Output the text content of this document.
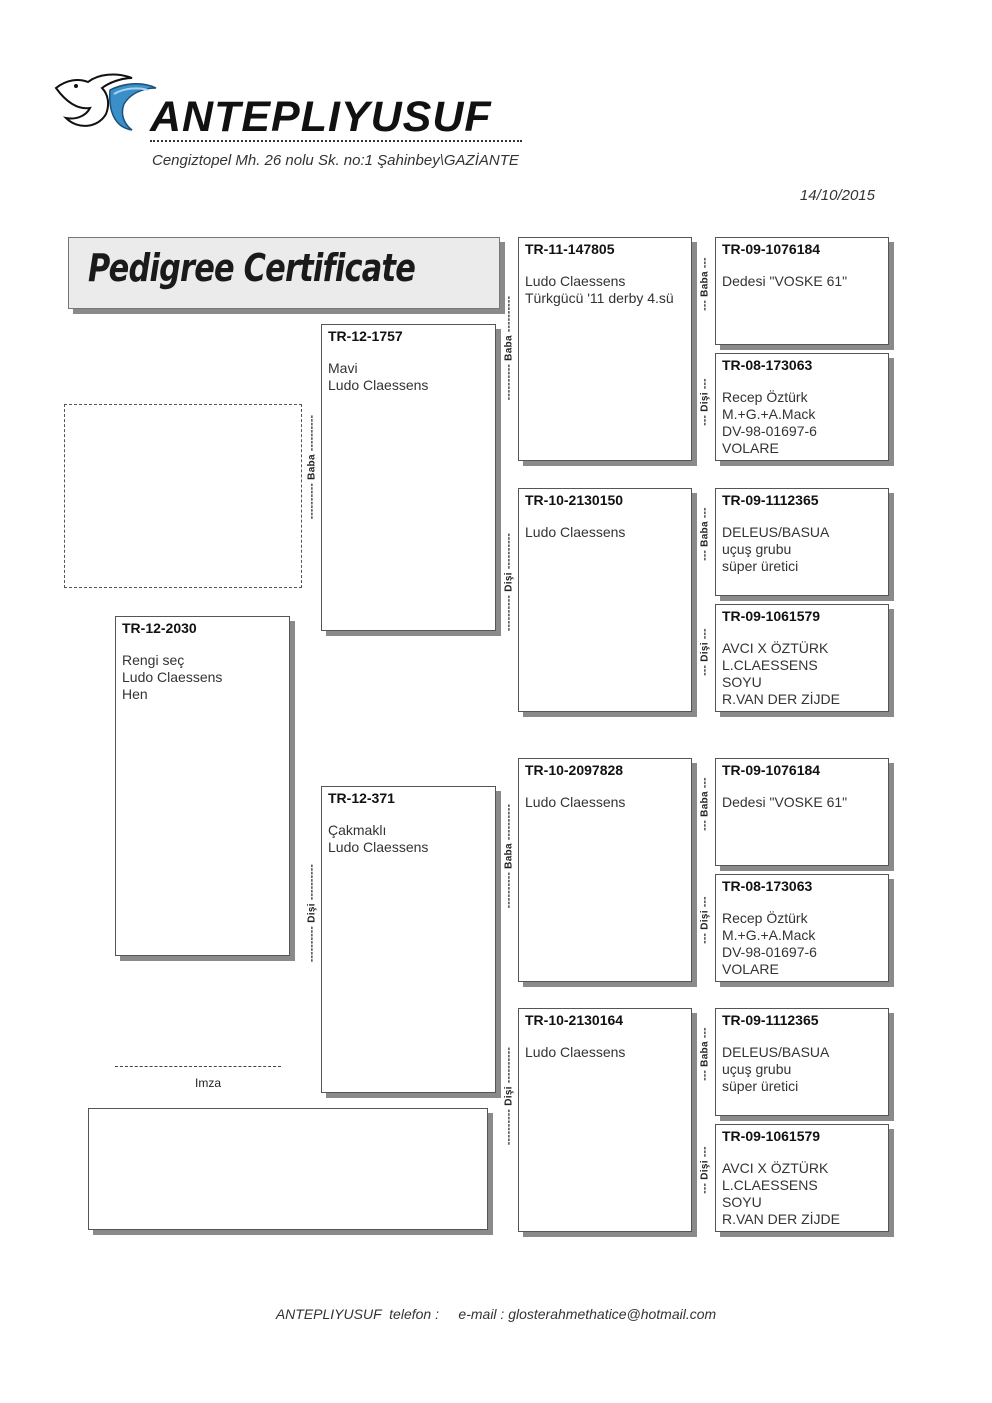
ANTEPLIYUSUF
Cengiztopel Mh. 26 nolu Sk. no:1 Şahinbey\GAZİANTE
14/10/2015
Pedigree Certificate
TR-12-2030
Rengi seç
Ludo Claessens
Hen
---------- Baba ----------
---------- Dişi ----------
TR-12-1757
Mavi
Ludo Claessens
TR-12-371
Çakmaklı
Ludo Claessens
---------- Baba ----------
---------- Dişi ----------
---------- Baba ----------
---------- Dişi ----------
TR-11-147805
Ludo Claessens
Türkgücü '11 derby 4.sü
TR-10-2130150
Ludo Claessens
TR-10-2097828
Ludo Claessens
TR-10-2130164
Ludo Claessens
--- Baba ---
--- Dişi ---
--- Baba ---
--- Dişi ---
--- Baba ---
--- Dişi ---
--- Baba ---
--- Dişi ---
TR-09-1076184
Dedesi "VOSKE 61"
TR-08-173063
Recep Öztürk
M.+G.+A.Mack
DV-98-01697-6
VOLARE
TR-09-1112365
DELEUS/BASUA
uçuş grubu
süper üretici
TR-09-1061579
AVCI X ÖZTÜRK
L.CLAESSENS
SOYU
R.VAN DER ZİJDE
TR-09-1076184
Dedesi "VOSKE 61"
TR-08-173063
Recep Öztürk
M.+G.+A.Mack
DV-98-01697-6
VOLARE
TR-09-1112365
DELEUS/BASUA
uçuş grubu
süper üretici
TR-09-1061579
AVCI X ÖZTÜRK
L.CLAESSENS
SOYU
R.VAN DER ZİJDE
Imza
ANTEPLIYUSUF  telefon :     e-mail : glosterahmethatice@hotmail.com
